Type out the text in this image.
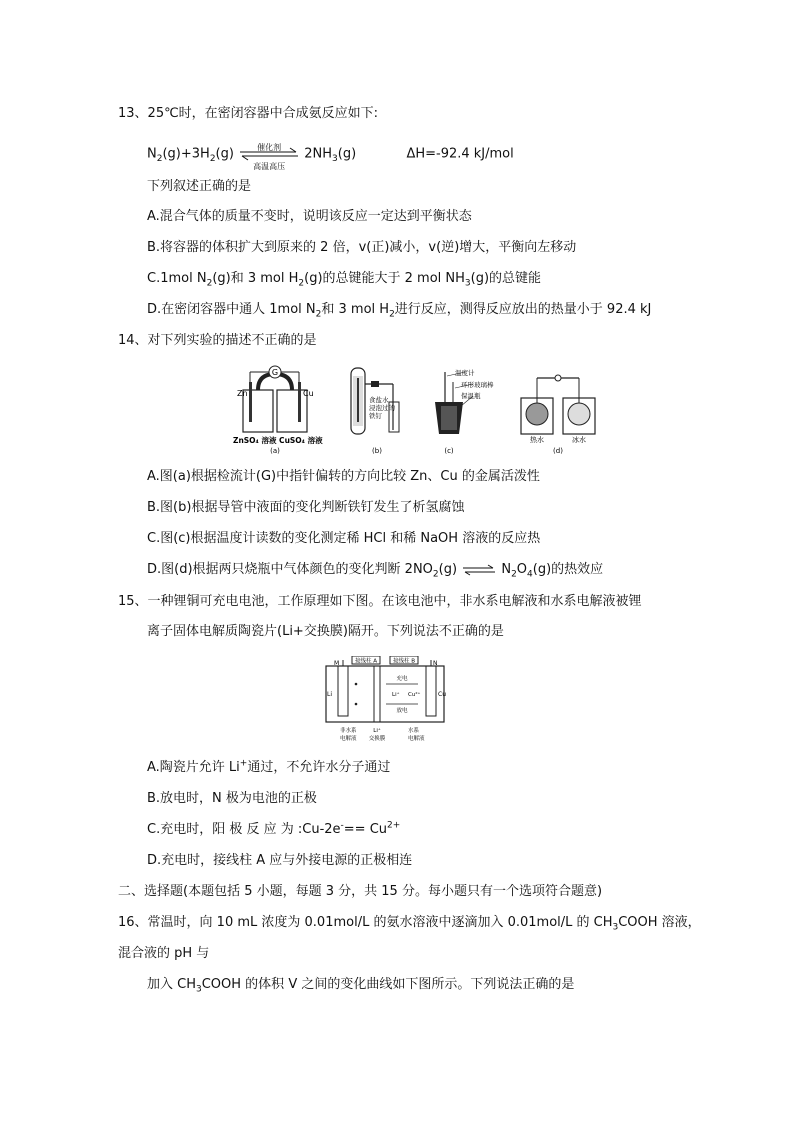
13、25℃时，在密闭容器中合成氨反应如下:
$N_2(g)+3H_2(g)$	催化剂
高温高压
$2NH_3(g)$	ΔH=-92.4 kJ/mol
下列叙述正确的是
A.混合气体的质量不变时，说明该反应一定达到平衡状态
B.将容器的体积扩大到原来的 2 倍，v(正)减小，v(逆)增大，平衡向左移动
C.1mol $N_2(g)$和 3 mol $H_2(g)$的总键能大于 2 mol $NH_3(g)$的总键能
D.在密闭容器中通人 1mol $N_2$和 3 mol $H_2$进行反应，测得反应放出的热量小于 92.4 kJ
14、对下列实验的描述不正确的是
G
Zn	Cu
ZnSO₄ 溶液 CuSO₄ 溶液
(a)
食盐水
浸泡过的
铁钉
(b)
温度计
环形玻璃棒
保温瓶
(c)
热水	冰水
(d)
A.图(a)根据检流计(G)中指针偏转的方向比较 Zn、Cu 的金属活泼性
B.图(b)根据导管中液面的变化判断铁钉发生了析氢腐蚀
C.图(c)根据温度计读数的变化测定稀 HCl 和稀 NaOH 溶液的反应热
D.图(d)根据两只烧瓶中气体颜色的变化判断 $2NO_2(g)$ ⇌ $N_2O_4(g)$的热效应
15、一种锂铜可充电电池，工作原理如下图。在该电池中，非水系电解液和水系电解液被锂
离子固体电解质陶瓷片(Li+交换膜)隔开。下列说法不正确的是
接线柱 A	接线柱 B
M	N
Li	Cu
充电
Li⁺ Cu²⁺
放电
非水系
电解液
Li⁺
交换膜
水系
电解液
A.陶瓷片允许 Li+通过，不允许水分子通过
B.放电时，N 极为电池的正极
C.充电时，阳 极 反 应 为 :Cu-2e-== $Cu^{2+}$
D.充电时，接线柱 A 应与外接电源的正极相连
二、选择题(本题包括 5 小题，每题 3 分，共 15 分。每小题只有一个选项符合题意)
16、常温时，向 10 mL 浓度为 0.01mol/L 的氨水溶液中逐滴加入 0.01mol/L 的 $CH_3COOH$ 溶液，
混合液的 pH 与
加入 $CH_3COOH$ 的体积 V 之间的变化曲线如下图所示。下列说法正确的是
